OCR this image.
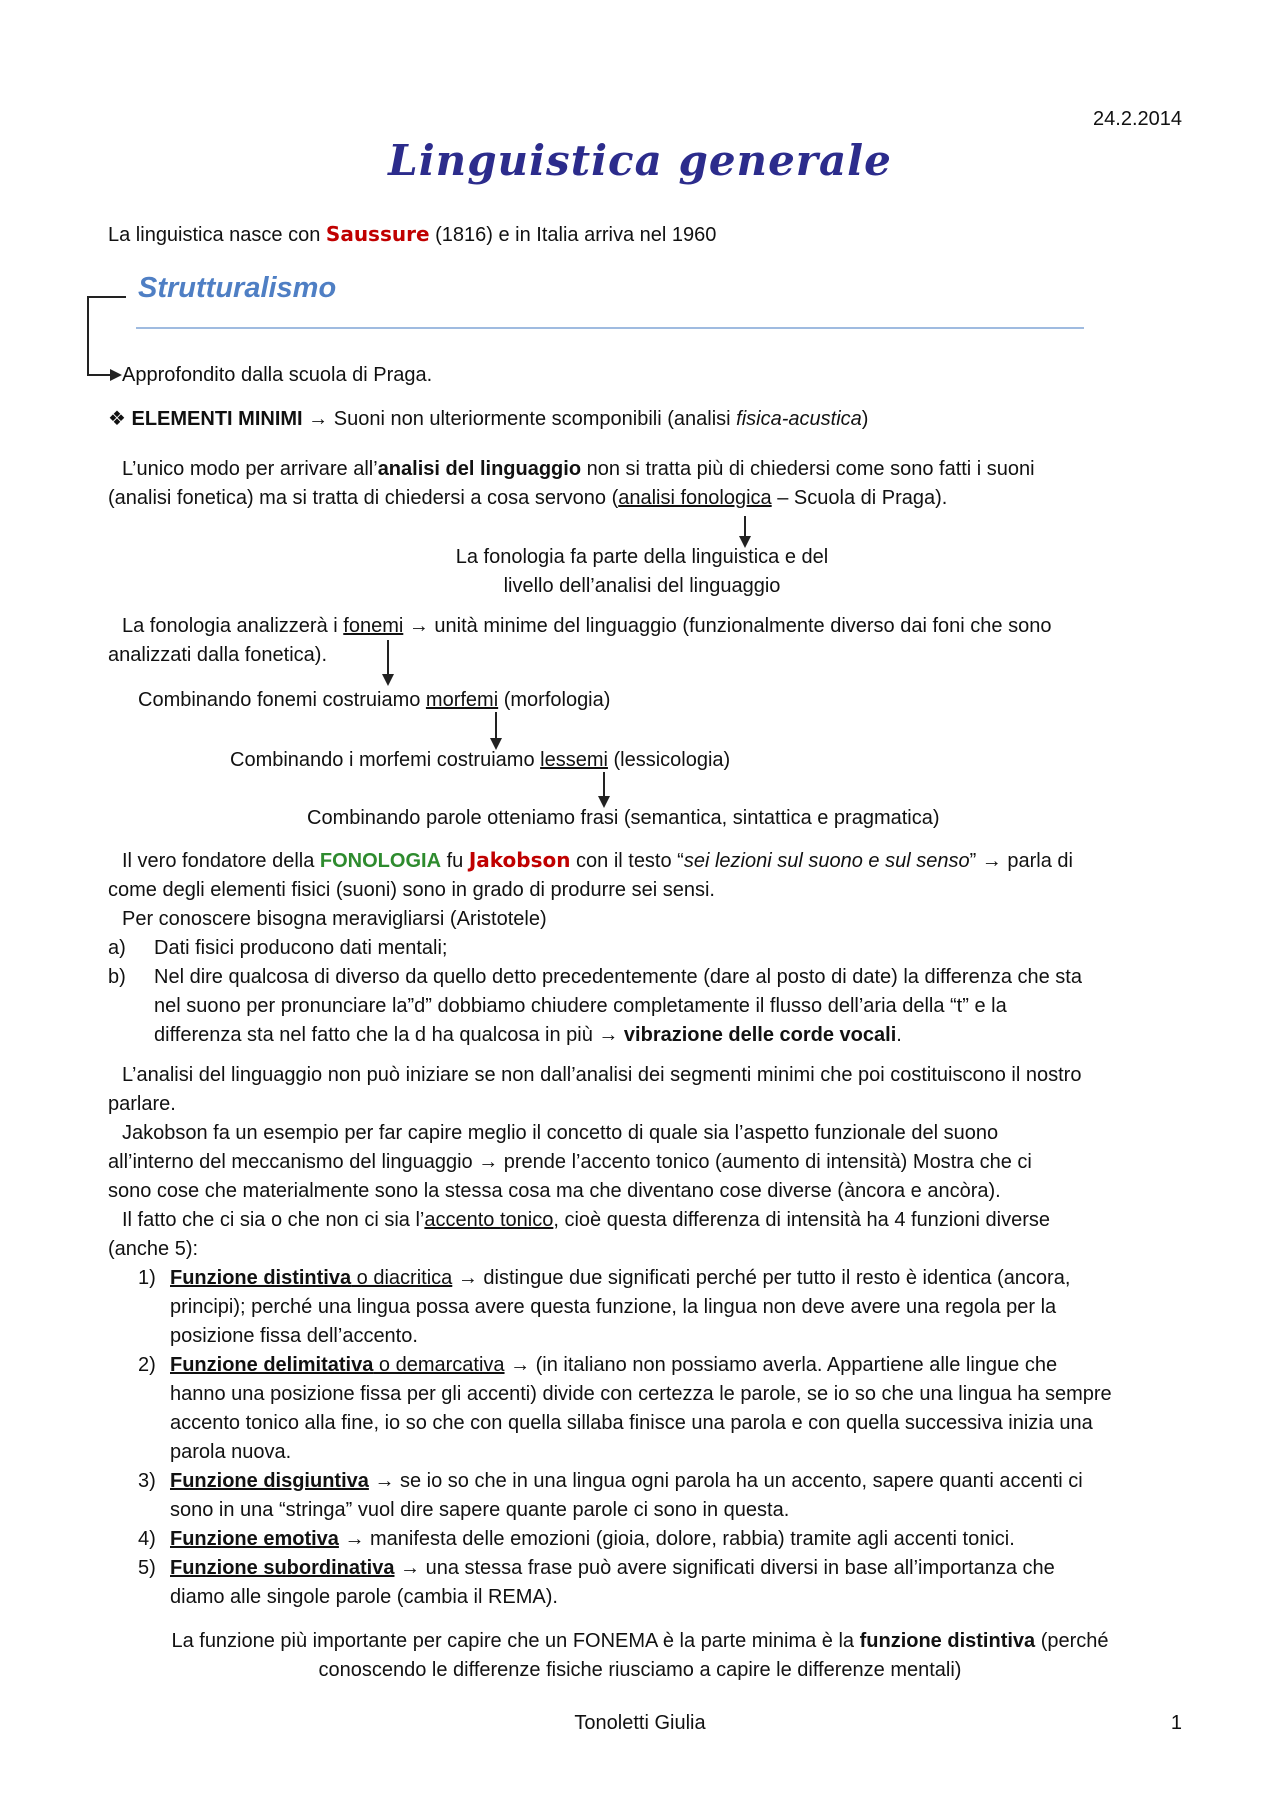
24.2.2014
Linguistica generale
La linguistica nasce con Saussure (1816) e in Italia arriva nel 1960
Strutturalismo
Approfondito dalla scuola di Praga.
❖ ELEMENTI MINIMI → Suoni non ulteriormente scomponibili (analisi fisica-acustica)
L’unico modo per arrivare all’analisi del linguaggio non si tratta più di chiedersi come sono fatti i suoni
(analisi fonetica) ma si tratta di chiedersi a cosa servono (analisi fonologica – Scuola di Praga).
La fonologia fa parte della linguistica e del
livello dell’analisi del linguaggio
La fonologia analizzerà i fonemi → unità minime del linguaggio (funzionalmente diverso dai foni che sono
analizzati dalla fonetica).
Combinando fonemi costruiamo morfemi (morfologia)
Combinando i morfemi costruiamo lessemi (lessicologia)
Combinando parole otteniamo frasi (semantica, sintattica e pragmatica)
Il vero fondatore della FONOLOGIA fu Jakobson con il testo “sei lezioni sul suono e sul senso” → parla di
come degli elementi fisici (suoni) sono in grado di produrre sei sensi.
Per conoscere bisogna meravigliarsi (Aristotele)
a) Dati fisici producono dati mentali;
b) Nel dire qualcosa di diverso da quello detto precedentemente (dare al posto di date) la differenza che sta
nel suono per pronunciare la”d” dobbiamo chiudere completamente il flusso dell’aria della “t” e la
differenza sta nel fatto che la d ha qualcosa in più → vibrazione delle corde vocali.
L’analisi del linguaggio non può iniziare se non dall’analisi dei segmenti minimi che poi costituiscono il nostro
parlare.
Jakobson fa un esempio per far capire meglio il concetto di quale sia l’aspetto funzionale del suono
all’interno del meccanismo del linguaggio → prende l’accento tonico (aumento di intensità) Mostra che ci
sono cose che materialmente sono la stessa cosa ma che diventano cose diverse (àncora e ancòra).
Il fatto che ci sia o che non ci sia l’accento tonico, cioè questa differenza di intensità ha 4 funzioni diverse
(anche 5):
1) Funzione distintiva o diacritica → distingue due significati perché per tutto il resto è identica (ancora,
principi); perché una lingua possa avere questa funzione, la lingua non deve avere una regola per la
posizione fissa dell’accento.
2) Funzione delimitativa o demarcativa → (in italiano non possiamo averla. Appartiene alle lingue che
hanno una posizione fissa per gli accenti) divide con certezza le parole, se io so che una lingua ha sempre
accento tonico alla fine, io so che con quella sillaba finisce una parola e con quella successiva inizia una
parola nuova.
3) Funzione disgiuntiva → se io so che in una lingua ogni parola ha un accento, sapere quanti accenti ci
sono in una “stringa” vuol dire sapere quante parole ci sono in questa.
4) Funzione emotiva → manifesta delle emozioni (gioia, dolore, rabbia) tramite agli accenti tonici.
5) Funzione subordinativa → una stessa frase può avere significati diversi in base all’importanza che
diamo alle singole parole (cambia il REMA).
La funzione più importante per capire che un FONEMA è la parte minima è la funzione distintiva (perché
conoscendo le differenze fisiche riusciamo a capire le differenze mentali)
Tonoletti Giulia	1
